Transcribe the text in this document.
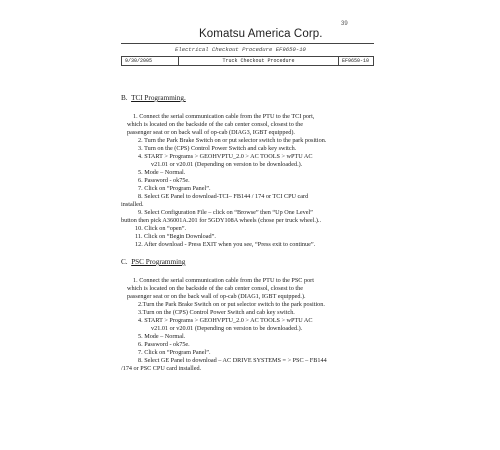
39
Komatsu America Corp.
Electrical Checkout Procedure EF9650-10
9/30/2005	Truck Checkout Procedure	EF9650-10
B. TCI Programming.
1. Connect the serial communication cable from the PTU to the TCI port,
which is located on the backside of the cab center consol, closest to the
passenger seat or on back wall of op-cab (DIAG3, IGBT equipped).
2. Turn the Park Brake Switch on or put selector switch to the park position.
3. Turn on the (CPS) Control Power Switch and cab key switch.
4. START > Programs > GEOHVPTU_2.0 > AC TOOLS > wPTU AC
v21.01 or v20.01 (Depending on version to be downloaded.).
5. Mode – Normal.
6. Password - ok75e.
7. Click on “Program Panel”.
8. Select GE Panel to download-TCI– FB144 / 174 or TCI CPU card
installed.
9. Select Configuration File – click on “Browse” then “Up One Level”
button then pick A36001A.201 for 5GDY108A wheels (chose per truck wheel.)..
10. Click on “open”.
11. Click on “Begin Download”.
12. After download - Press EXIT when you see, “Press exit to continue”.
C. PSC Programming
1. Connect the serial communication cable from the PTU to the PSC port
which is located on the backside of the cab center consol, closest to the
passenger seat or on the back wall of op-cab (DIAG1, IGBT equipped.).
2.Turn the Park Brake Switch on or put selector switch to the park position.
3.Turn on the (CPS) Control Power Switch and cab key switch.
4. START > Programs > GEOHVPTU_2.0 > AC TOOLS > wPTU AC
v21.01 or v20.01 (Depending on version to be downloaded.).
5. Mode – Normal.
6. Password - ok75e.
7. Click on “Program Panel”.
8. Select GE Panel to download – AC DRIVE SYSTEMS = > PSC – FB144
/174 or PSC CPU card installed.
